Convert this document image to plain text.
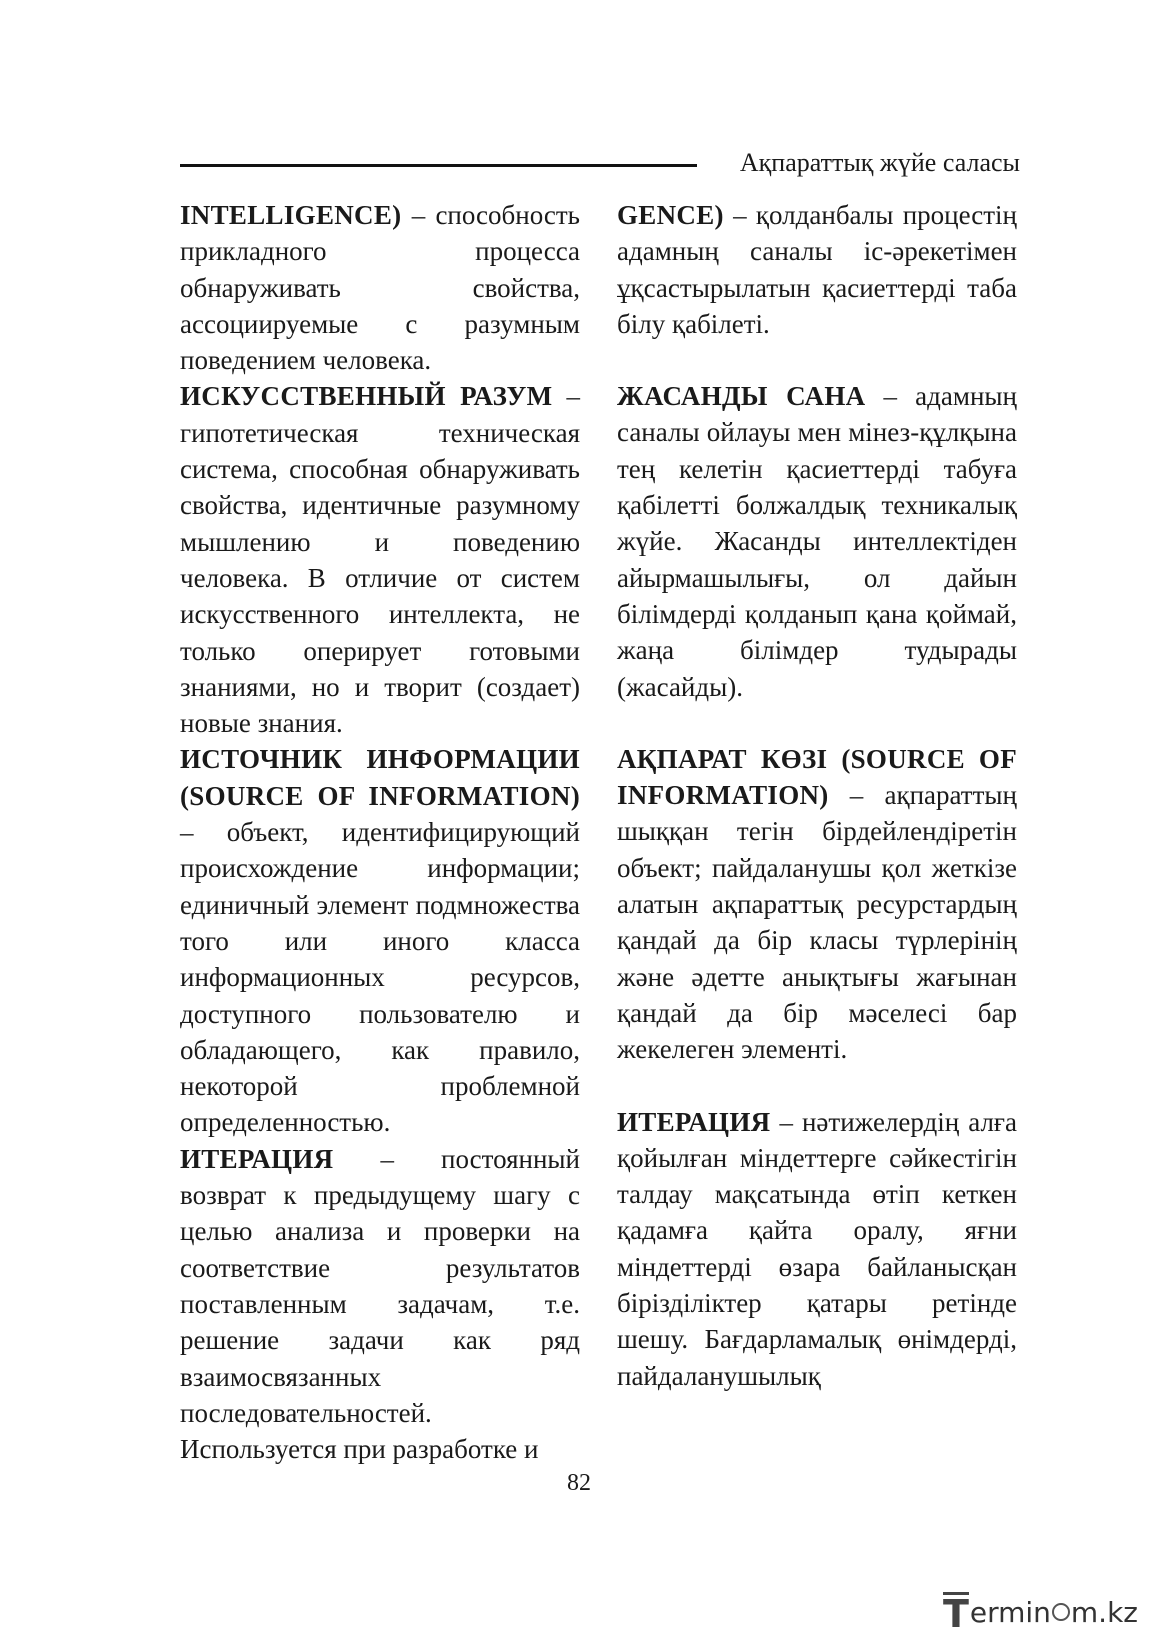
Ақпараттық жүйе саласы

INTELLIGENCE) – способность прикладного процесса обнаруживать свойства, ассоциируемые с разумным поведением человека.

ИСКУССТВЕННЫЙ РАЗУМ – гипотетическая техническая система, способная обнаруживать свойства, идентичные разумному мышлению и поведению человека. В отличие от систем искусственного интеллекта, не только оперирует готовыми знаниями, но и творит (создает) новые знания.

ИСТОЧНИК ИНФОРМАЦИИ (SOURCE OF INFORMATION) – объект, идентифицирующий происхождение информации; единичный элемент подмножества того или иного класса информационных ресурсов, доступного пользователю и обладающего, как правило, некоторой проблемной определенностью.

ИТЕРАЦИЯ – постоянный возврат к предыдущему шагу с целью анализа и проверки на соответствие результатов поставленным задачам, т.е. решение задачи как ряд взаимосвязанных последовательностей. Используется при разработке и

GENCE) – қолданбалы процестің адамның саналы іс-әрекетімен ұқсастырылатын қасиеттерді таба білу қабілеті.

ЖАСАНДЫ САНА – адамның саналы ойлауы мен мінез-құлқына тең келетін қасиеттерді табуға қабілетті болжалдық техникалық жүйе. Жасанды интеллектіден айырмашылығы, ол дайын білімдерді қолданып қана қоймай, жаңа білімдер тудырады (жасайды).

АҚПАРАТ КӨЗІ (SOURCE OF INFORMATION) – ақпараттың шыққан тегін бірдейлендіретін объект; пайдаланушы қол жеткізе алатын ақпараттық ресурстардың қандай да бір класы түрлерінің және әдетте анықтығы жағынан қандай да бір мәселесі бар жекелеген элементі.

ИТЕРАЦИЯ – нәтижелердің алға қойылған міндеттерге сәйкестігін талдау мақсатында өтіп кеткен қадамға қайта оралу, яғни міндеттерді өзара байланысқан бірізділіктер қатары ретінде шешу. Бағдарламалық өнімдерді, пайдаланушылық

82
T ermin m.kz
